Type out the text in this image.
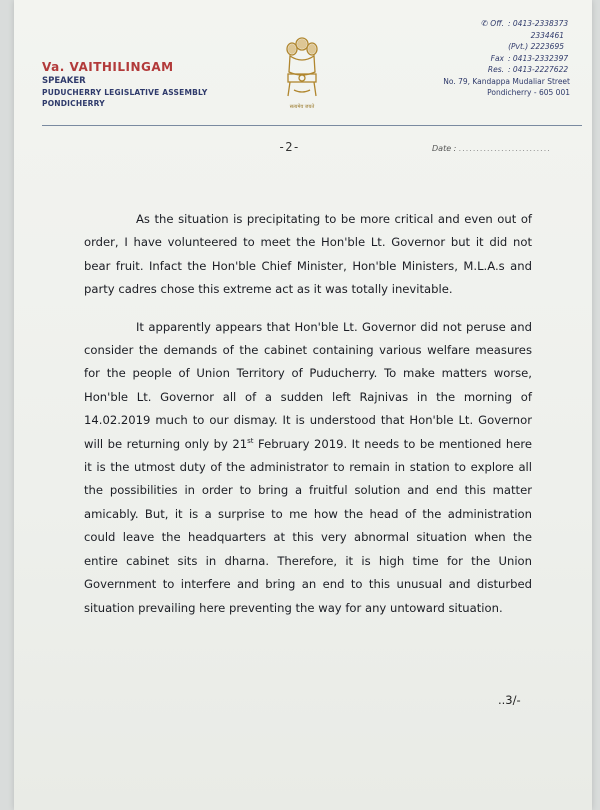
Va. VAITHILINGAM
SPEAKER
PUDUCHERRY LEGISLATIVE ASSEMBLY
PONDICHERRY	सत्यमेव जयते
✆ Off. : 0413-2338373
2334461
(Pvt.) 2223695
Fax : 0413-2332397
Res. : 0413-2227622
No. 79, Kandappa Mudaliar Street
Pondicherry - 605 001
-2-	Date : ..........................

As the situation is precipitating to be more critical and even out of order, I have volunteered to meet the Hon'ble Lt. Governor but it did not bear fruit. Infact the Hon'ble Chief Minister, Hon'ble Ministers, M.L.A.s and party cadres chose this extreme act as it was totally inevitable.

It apparently appears that Hon'ble Lt. Governor did not peruse and consider the demands of the cabinet containing various welfare measures for the people of Union Territory of Puducherry. To make matters worse, Hon'ble Lt. Governor all of a sudden left Rajnivas in the morning of 14.02.2019 much to our dismay. It is understood that Hon'ble Lt. Governor will be returning only by 21st February 2019. It needs to be mentioned here it is the utmost duty of the administrator to remain in station to explore all the possibilities in order to bring a fruitful solution and end this matter amicably. But, it is a surprise to me how the head of the administration could leave the headquarters at this very abnormal situation when the entire cabinet sits in dharna. Therefore, it is high time for the Union Government to interfere and bring an end to this unusual and disturbed situation prevailing here preventing the way for any untoward situation.

..3/-
